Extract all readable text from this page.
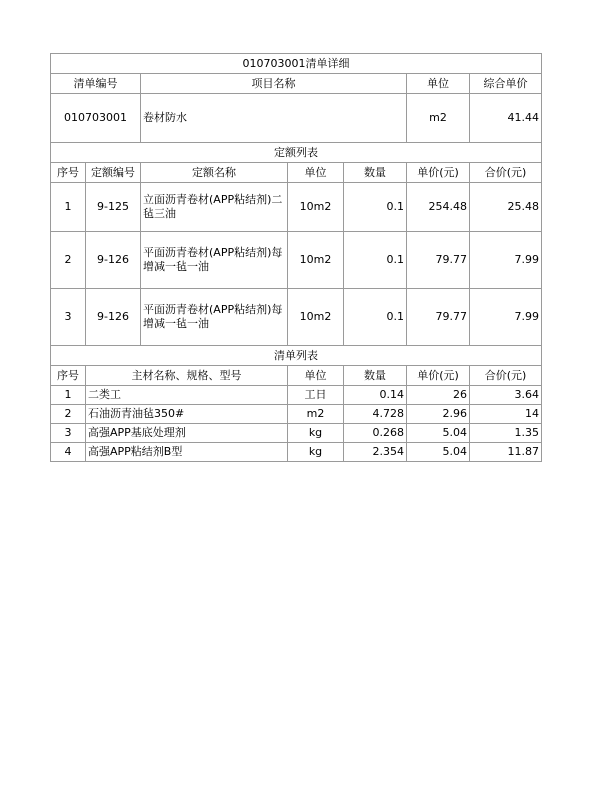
010703001清单详细						
清单编号		项目名称			单位	综合单价
010703001		卷材防水			m2	41.44
定额列表						
序号	定额编号	定额名称	单位	数量	单价(元)	合价(元)
1	9-125	立面沥青卷材(APP粘结剂)二毡三油	10m2	0.1	254.48	25.48
2	9-126	平面沥青卷材(APP粘结剂)每增减一毡一油	10m2	0.1	79.77	7.99
3	9-126	平面沥青卷材(APP粘结剂)每增减一毡一油	10m2	0.1	79.77	7.99
清单列表						
序号	主材名称、规格、型号		单位	数量	单价(元)	合价(元)
1	二类工		工日	0.14	26	3.64
2	石油沥青油毡350#		m2	4.728	2.96	14
3	高强APP基底处理剂		kg	0.268	5.04	1.35
4	高强APP粘结剂B型		kg	2.354	5.04	11.87
